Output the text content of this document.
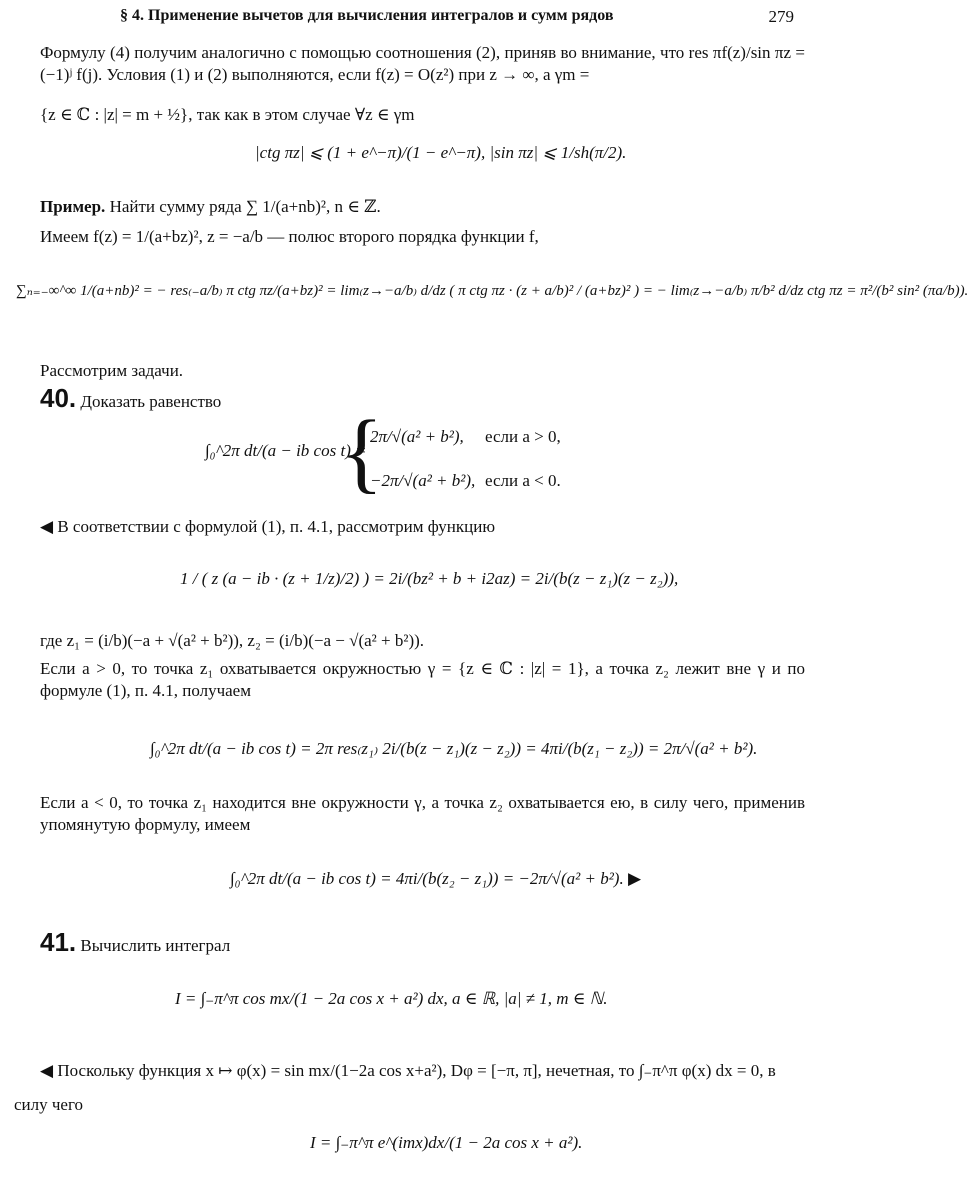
§ 4. Применение вычетов для вычисления интегралов и сумм рядов	279
Формулу (4) получим аналогично с помощью соотношения (2), приняв во внимание, что res πf(z)/sin πz = (−1)ʲ f(j). Условия (1) и (2) выполняются, если f(z) = O(z²) при z → ∞, а γm =
{z ∈ ℂ : |z| = m + ½}, так как в этом случае ∀z ∈ γm
|ctg πz| ⩽ (1 + e^−π)/(1 − e^−π), |sin πz| ⩽ 1/sh(π/2).
Пример. Найти сумму ряда ∑ 1/(a+nb)², n ∈ ℤ.
Имеем f(z) = 1/(a+bz)², z = −a/b — полюс второго порядка функции f,
∑ₙ₌₋∞^∞ 1/(a+nb)² = − res₍₋a/b₎ π ctg πz/(a+bz)² = lim₍z→−a/b₎ d/dz ( π ctg πz · (z + a/b)² / (a+bz)² ) = − lim₍z→−a/b₎ π/b² d/dz ctg πz = π²/(b² sin² (πa/b)).
Рассмотрим задачи.
40. Доказать равенство
∫₀^2π dt/(a − ib cos t) =
{
2π/√(a² + b²), если a > 0,
−2π/√(a² + b²), если a < 0.
◀ В соответствии с формулой (1), п. 4.1, рассмотрим функцию
1 / ( z (a − ib · (z + 1/z)/2) ) = 2i/(bz² + b + i2az) = 2i/(b(z − z₁)(z − z₂)),
где z₁ = (i/b)(−a + √(a² + b²)), z₂ = (i/b)(−a − √(a² + b²)).
Если a > 0, то точка z₁ охватывается окружностью γ = {z ∈ ℂ : |z| = 1}, а точка z₂ лежит вне γ и по формуле (1), п. 4.1, получаем
∫₀^2π dt/(a − ib cos t) = 2π res₍z₁₎ 2i/(b(z − z₁)(z − z₂)) = 4πi/(b(z₁ − z₂)) = 2π/√(a² + b²).
Если a < 0, то точка z₁ находится вне окружности γ, а точка z₂ охватывается ею, в силу чего, применив упомянутую формулу, имеем
∫₀^2π dt/(a − ib cos t) = 4πi/(b(z₂ − z₁)) = −2π/√(a² + b²). ▶
41. Вычислить интеграл
I = ∫₋π^π cos mx/(1 − 2a cos x + a²) dx, a ∈ ℝ, |a| ≠ 1, m ∈ ℕ.
◀ Поскольку функция x ↦ φ(x) = sin mx/(1−2a cos x+a²), Dφ = [−π, π], нечетная, то ∫₋π^π φ(x) dx = 0, в
силу чего
I = ∫₋π^π e^(imx)dx/(1 − 2a cos x + a²).
